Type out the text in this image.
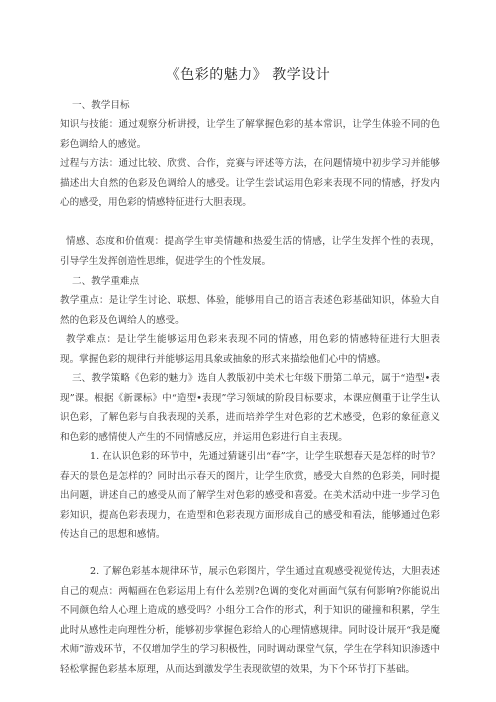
《色彩的魅力》 教学设计
一、教学目标

知识与技能：通过观察分析讲授，让学生了解掌握色彩的基本常识，让学生体验不同的色彩色调给人的感觉。

过程与方法：通过比较、欣赏、合作，竞赛与评述等方法，在问题情境中初步学习并能够描述出大自然的色彩及色调给人的感受。让学生尝试运用色彩来表现不同的情感，抒发内心的感受，用色彩的情感特征进行大胆表现。

情感、态度和价值观：提高学生审美情趣和热爱生活的情感，让学生发挥个性的表现，引导学生发挥创造性思维，促进学生的个性发展。

二、教学重难点

教学重点：是让学生讨论、联想、体验，能够用自己的语言表述色彩基础知识，体验大自然的色彩及色调给人的感受。

教学难点：是让学生能够运用色彩来表现不同的情感，用色彩的情感特征进行大胆表现。掌握色彩的规律行并能够运用具象或抽象的形式来描绘他们心中的情感。

三、教学策略《色彩的魅力》选自人教版初中美术七年级下册第二单元，属于“造型•表现”课。根据《新课标》中“造型•表现”学习领域的阶段目标要求，本课应侧重于让学生认识色彩，了解色彩与自我表现的关系，进而培养学生对色彩的艺术感受，色彩的象征意义和色彩的感情使人产生的不同情感反应，并运用色彩进行自主表现。

1. 在认识色彩的环节中，先通过猜谜引出“春”字，让学生联想春天是怎样的时节？春天的景色是怎样的？同时出示春天的图片，让学生欣赏，感受大自然的色彩美，同时提出问题，讲述自己的感受从而了解学生对色彩的感受和喜爱。在美术活动中进一步学习色彩知识，提高色彩表现力，在造型和色彩表现方面形成自己的感受和看法，能够通过色彩传达自己的思想和感情。

2. 了解色彩基本规律环节，展示色彩图片，学生通过直观感受视觉传达，大胆表述自己的观点：两幅画在色彩运用上有什么差别?色调的变化对画面气氛有何影响?你能说出不同颜色给人心理上造成的感受吗？小组分工合作的形式，利于知识的碰撞和积累，学生此时从感性走向理性分析，能够初步掌握色彩给人的心理情感规律。同时设计展开“我是魔术师”游戏环节，不仅增加学生的学习积极性，同时调动课堂气氛，学生在学科知识渗透中轻松掌握色彩基本原理，从而达到激发学生表现欲望的效果，为下个环节打下基础。
